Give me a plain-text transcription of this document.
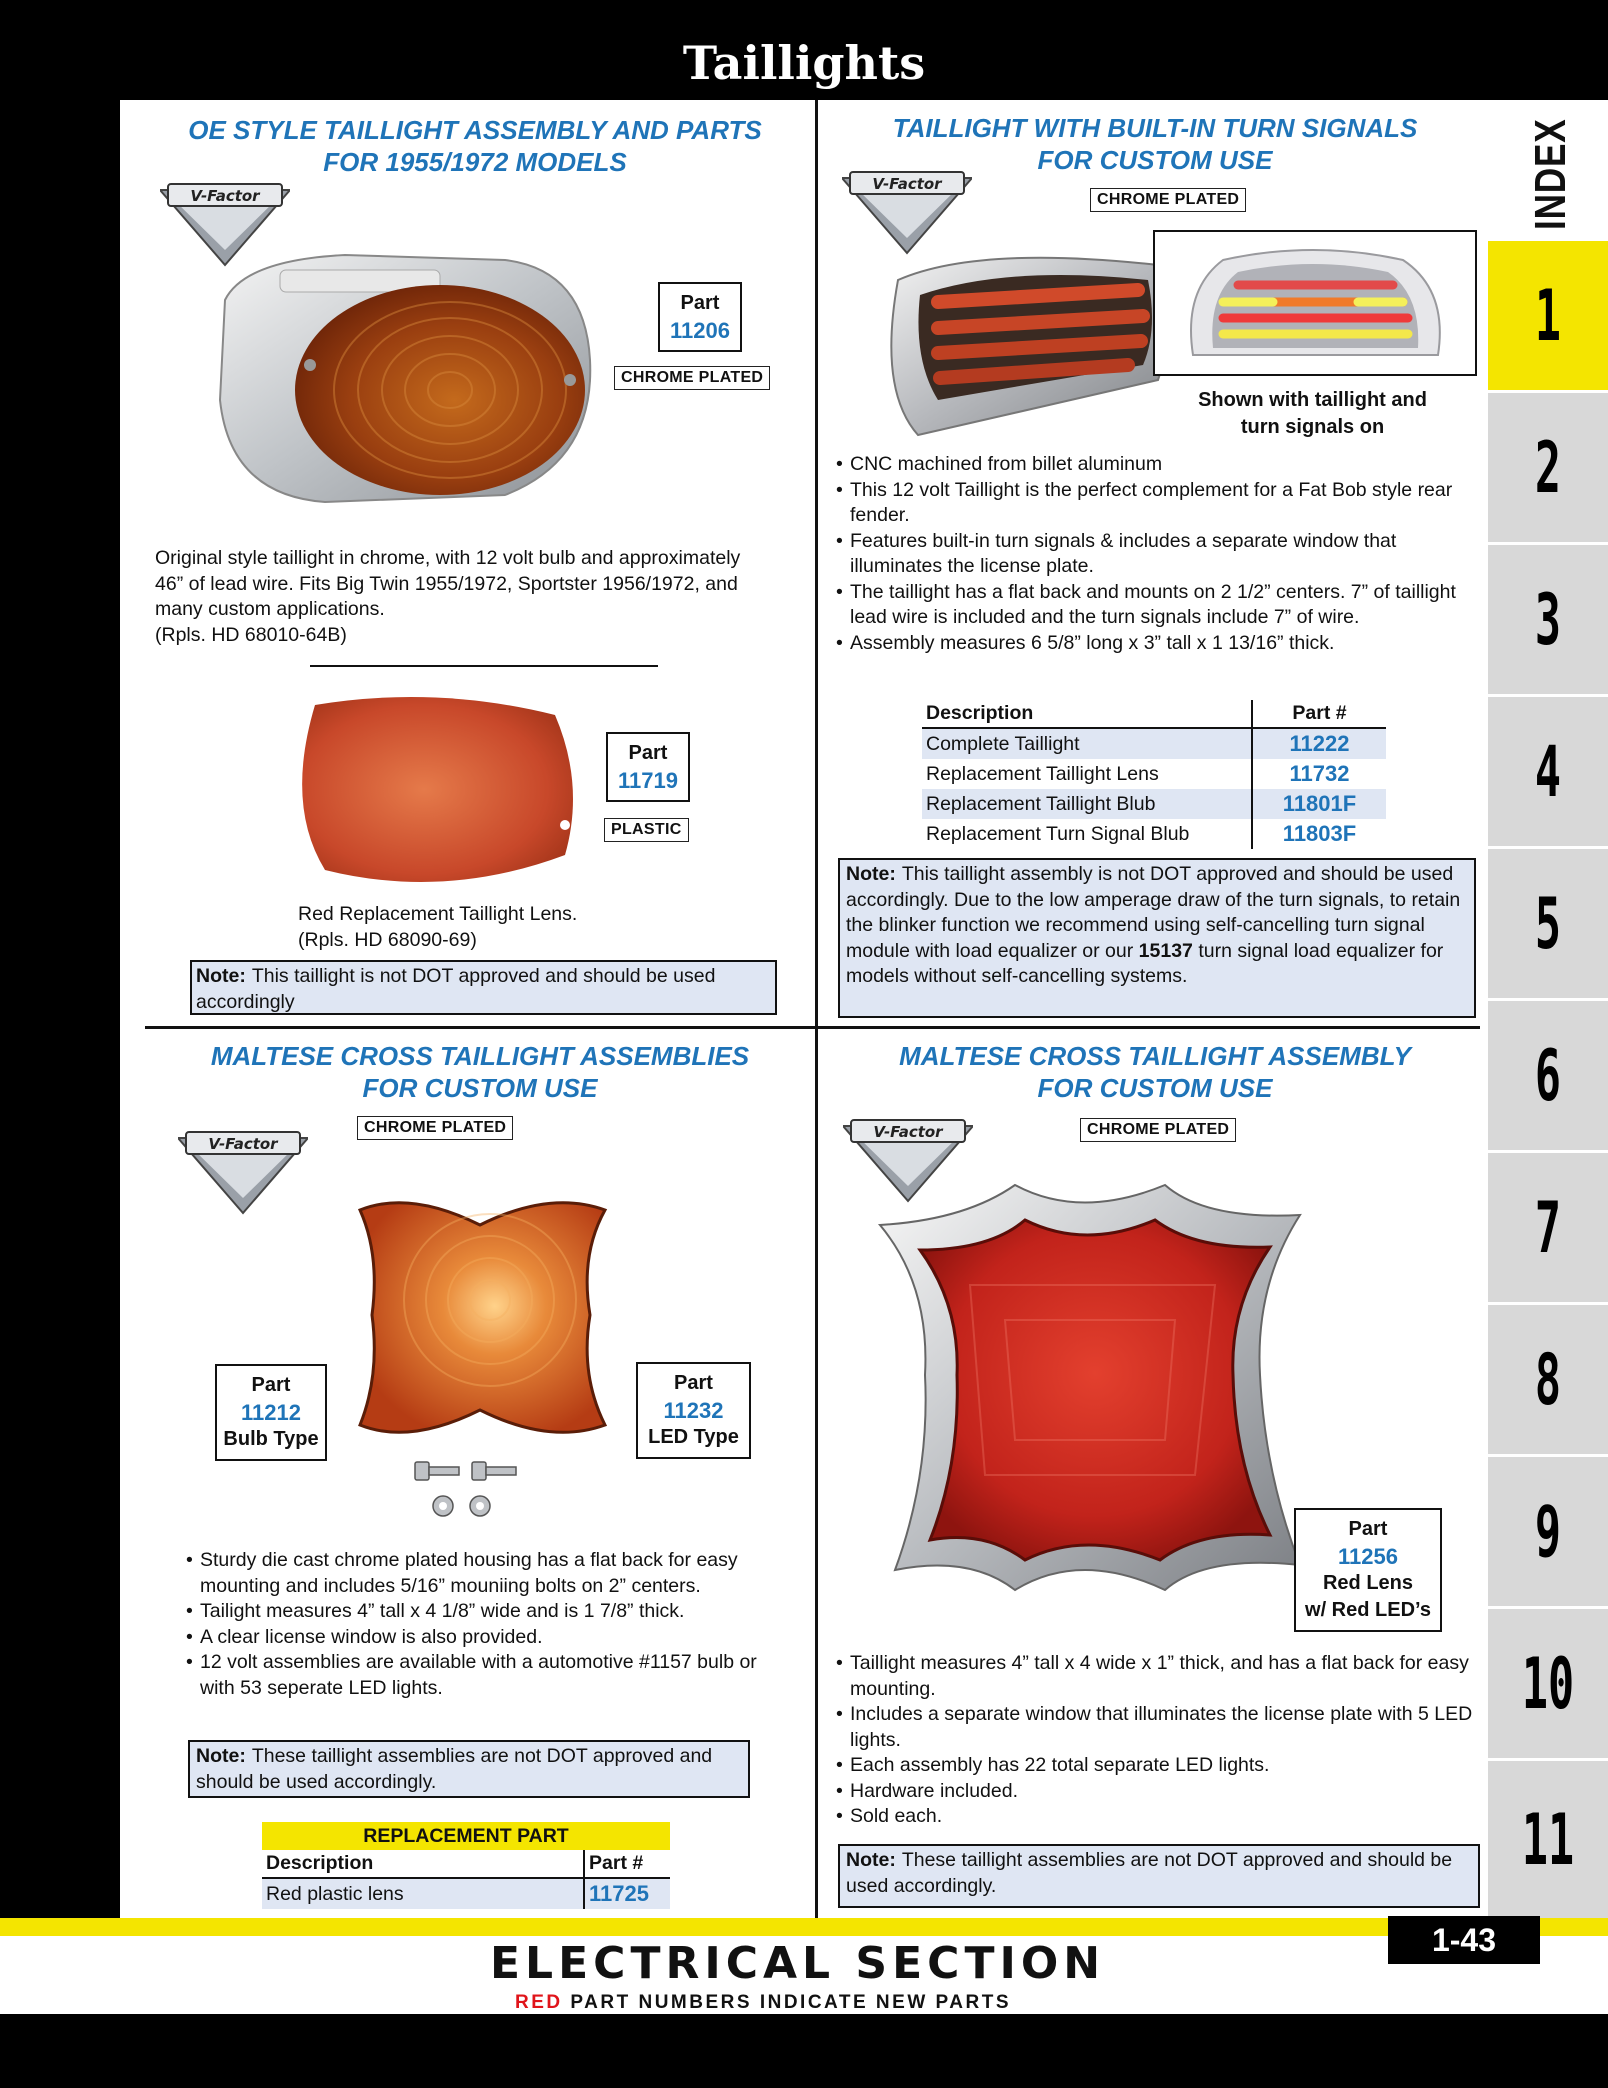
Taillights
OE STYLE TAILLIGHT ASSEMBLY AND PARTS
FOR 1955/1972 MODELS
V-Factor
Part
11206
CHROME PLATED
Original style taillight in chrome, with 12 volt bulb and approximately
46” of lead wire. Fits Big Twin 1955/1972, Sportster 1956/1972, and
many custom applications.
(Rpls. HD 68010-64B)
Part
11719
PLASTIC
Red Replacement Taillight Lens.
(Rpls. HD 68090-69)
Note: This taillight is not DOT approved and should be used accordingly
TAILLIGHT WITH BUILT-IN TURN SIGNALS
FOR CUSTOM USE
V-Factor
CHROME PLATED
Shown with taillight and
turn signals on
• CNC machined from billet aluminum
• This 12 volt Taillight is the perfect complement for a Fat Bob style rear fender.
• Features built-in turn signals & includes a separate window that illuminates the license plate.
• The taillight has a flat back and mounts on 2 1/2” centers. 7” of taillight lead wire is included and the turn signals include 7” of wire.
• Assembly measures 6 5/8” long x 3” tall x 1 13/16” thick.
Description	Part #
Complete Taillight	11222
Replacement Taillight Lens	11732
Replacement Taillight Blub	11801F
Replacement Turn Signal Blub	11803F
Note: This taillight assembly is not DOT approved and should be used accordingly. Due to the low amperage draw of the turn signals, to retain the blinker function we recommend using self-cancelling turn signal module with load equalizer or our 15137 turn signal load equalizer for models without self-cancelling systems.
MALTESE CROSS TAILLIGHT ASSEMBLIES
FOR CUSTOM USE
V-Factor
CHROME PLATED
Part
11212
Bulb Type
Part
11232
LED Type
• Sturdy die cast chrome plated housing has a flat back for easy mounting and includes 5/16” mouniing bolts on 2” centers.
• Tailight measures 4” tall x 4 1/8” wide and is 1 7/8” thick.
• A clear license window is also provided.
• 12 volt assemblies are available with a automotive #1157 bulb or with 53 seperate LED lights.
Note: These taillight assemblies are not DOT approved and should be used accordingly.
REPLACEMENT PART
Description	Part #
Red plastic lens	11725
MALTESE CROSS TAILLIGHT ASSEMBLY
FOR CUSTOM USE
V-Factor	CHROME PLATED
Part
11256
Red Lens
w/ Red LED’s
• Taillight measures 4” tall x 4 wide x 1” thick, and has a flat back for easy mounting.
• Includes a separate window that illuminates the license plate with 5 LED lights.
• Each assembly has 22 total separate LED lights.
• Hardware included.
• Sold each.
Note: These taillight assemblies are not DOT approved and should be used accordingly.
INDEX
1
2
3
4
5
6
7
8
9
10
11
ELECTRICAL SECTION
RED PART NUMBERS INDICATE NEW PARTS
1-43
